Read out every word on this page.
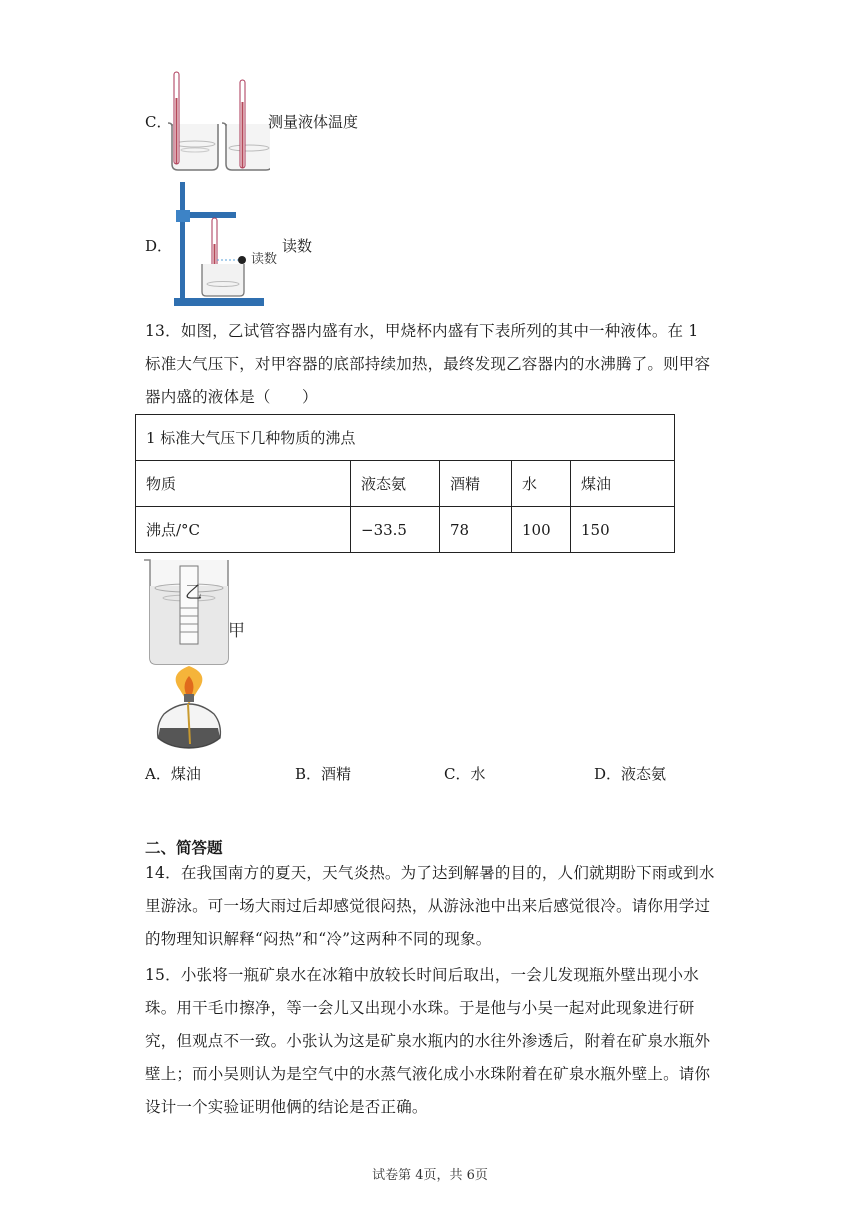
C．	测量液体温度
D．
读数
读数
13．如图，乙试管容器内盛有水，甲烧杯内盛有下表所列的其中一种液体。在 1 标准大气压下，对甲容器的底部持续加热，最终发现乙容器内的水沸腾了。则甲容器内盛的液体是（　　）
1 标准大气压下几种物质的沸点				
物质	液态氨	酒精	水	煤油
沸点/°C	−33.5	78	100	150
乙
甲
A．煤油	B．酒精	C．水	D．液态氨
二、简答题
14．在我国南方的夏天，天气炎热。为了达到解暑的目的，人们就期盼下雨或到水里游泳。可一场大雨过后却感觉很闷热，从游泳池中出来后感觉很冷。请你用学过的物理知识解释“闷热”和“冷”这两种不同的现象。
15．小张将一瓶矿泉水在冰箱中放较长时间后取出，一会儿发现瓶外壁出现小水珠。用干毛巾擦净，等一会儿又出现小水珠。于是他与小吴一起对此现象进行研究，但观点不一致。小张认为这是矿泉水瓶内的水往外渗透后，附着在矿泉水瓶外壁上；而小吴则认为是空气中的水蒸气液化成小水珠附着在矿泉水瓶外壁上。请你设计一个实验证明他俩的结论是否正确。
试卷第 4页，共 6页
